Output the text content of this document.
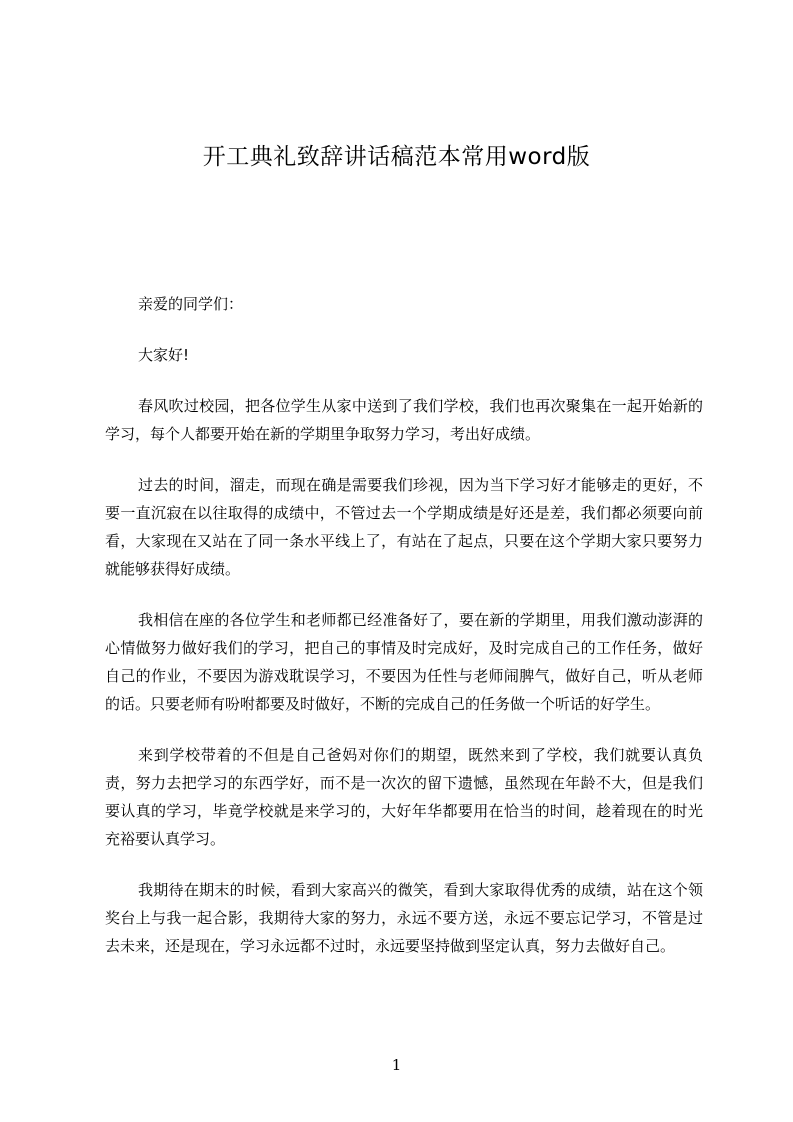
开工典礼致辞讲话稿范本常用word版

亲爱的同学们：

大家好!

春风吹过校园，把各位学生从家中送到了我们学校，我们也再次聚集在一起开始新的学习，每个人都要开始在新的学期里争取努力学习，考出好成绩。

过去的时间，溜走，而现在确是需要我们珍视，因为当下学习好才能够走的更好，不要一直沉寂在以往取得的成绩中，不管过去一个学期成绩是好还是差，我们都必须要向前看，大家现在又站在了同一条水平线上了，有站在了起点，只要在这个学期大家只要努力就能够获得好成绩。

我相信在座的各位学生和老师都已经准备好了，要在新的学期里，用我们激动澎湃的心情做努力做好我们的学习，把自己的事情及时完成好，及时完成自己的工作任务，做好自己的作业，不要因为游戏耽误学习，不要因为任性与老师闹脾气，做好自己，听从老师的话。只要老师有吩咐都要及时做好，不断的完成自己的任务做一个听话的好学生。

来到学校带着的不但是自己爸妈对你们的期望，既然来到了学校，我们就要认真负责，努力去把学习的东西学好，而不是一次次的留下遗憾，虽然现在年龄不大，但是我们要认真的学习，毕竟学校就是来学习的，大好年华都要用在恰当的时间，趁着现在的时光充裕要认真学习。

我期待在期末的时候，看到大家高兴的微笑，看到大家取得优秀的成绩，站在这个领奖台上与我一起合影，我期待大家的努力，永远不要方送，永远不要忘记学习，不管是过去未来，还是现在，学习永远都不过时，永远要坚持做到坚定认真，努力去做好自己。

1
